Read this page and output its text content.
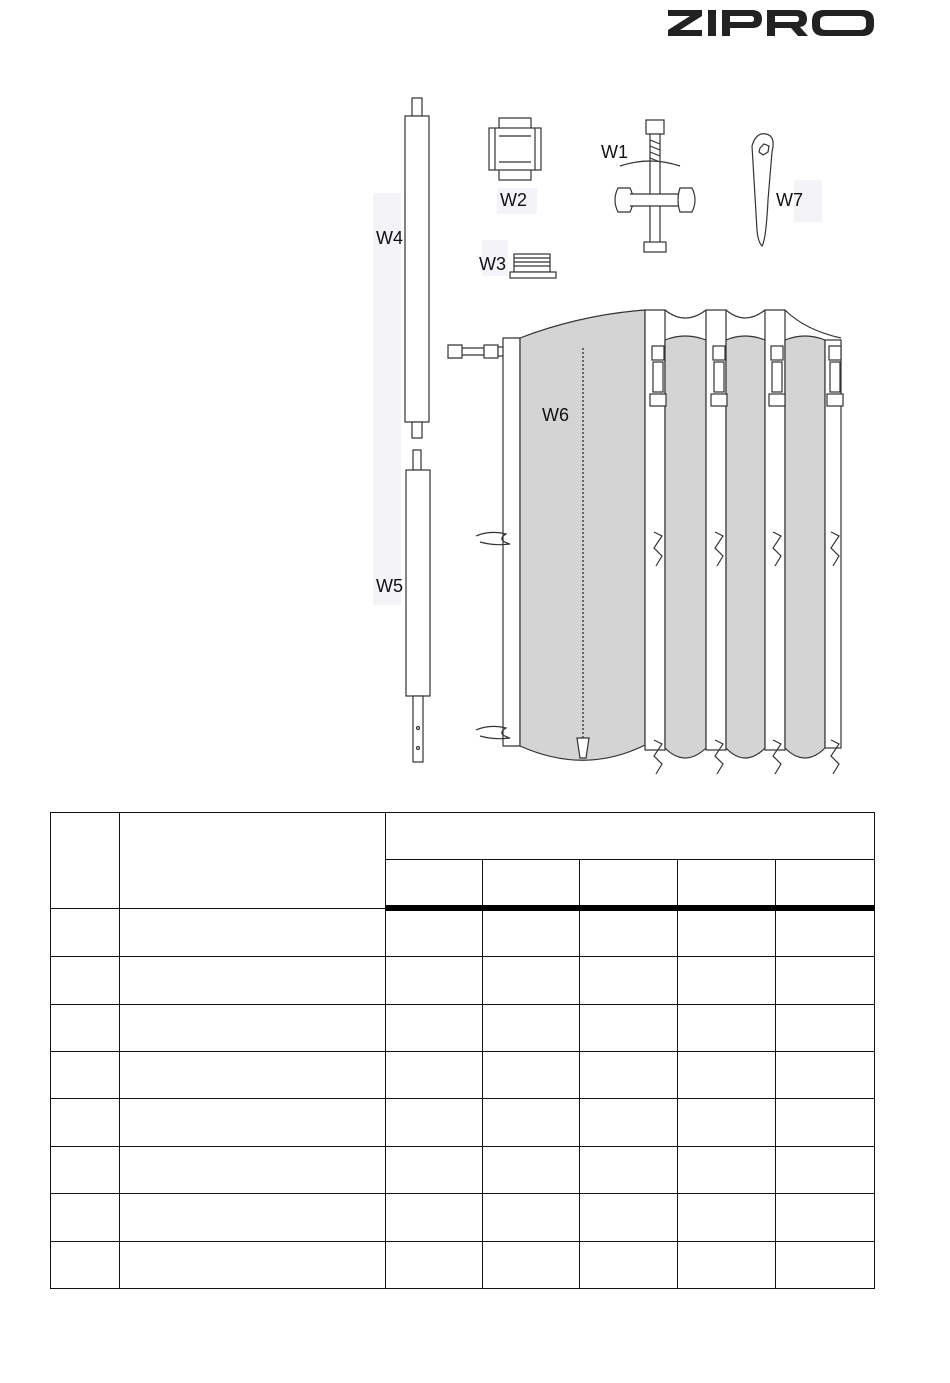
W4
W5
W2
W3
W1
W7
W6
